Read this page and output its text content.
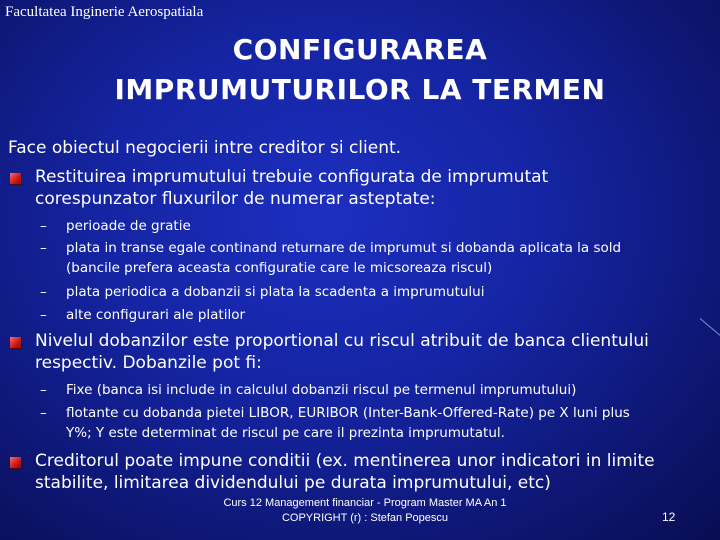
Facultatea Inginerie Aerospatiala
CONFIGURAREA
IMPRUMUTURILOR LA TERMEN
Face obiectul negocierii intre creditor si client.
Restituirea imprumutului trebuie configurata de imprumutat
corespunzator fluxurilor de numerar asteptate:
– perioade de gratie
– plata in transe egale continand returnare de imprumut si dobanda aplicata la sold
(bancile prefera aceasta configuratie care le micsoreaza riscul)
– plata periodica a dobanzii si plata la scadenta a imprumutului
– alte configurari ale platilor
Nivelul dobanzilor este proportional cu riscul atribuit de banca clientului
respectiv. Dobanzile pot fi:
– Fixe (banca isi include in calculul dobanzii riscul pe termenul imprumutului)
– flotante cu dobanda pietei LIBOR, EURIBOR (Inter-Bank-Offered-Rate) pe X luni plus
Y%; Y este determinat de riscul pe care il prezinta imprumutatul.
Creditorul poate impune conditii (ex. mentinerea unor indicatori in limite
stabilite, limitarea dividendului pe durata imprumutului, etc)
Curs 12 Management financiar - Program Master MA An 1
COPYRIGHT (r) : Stefan Popescu	12
